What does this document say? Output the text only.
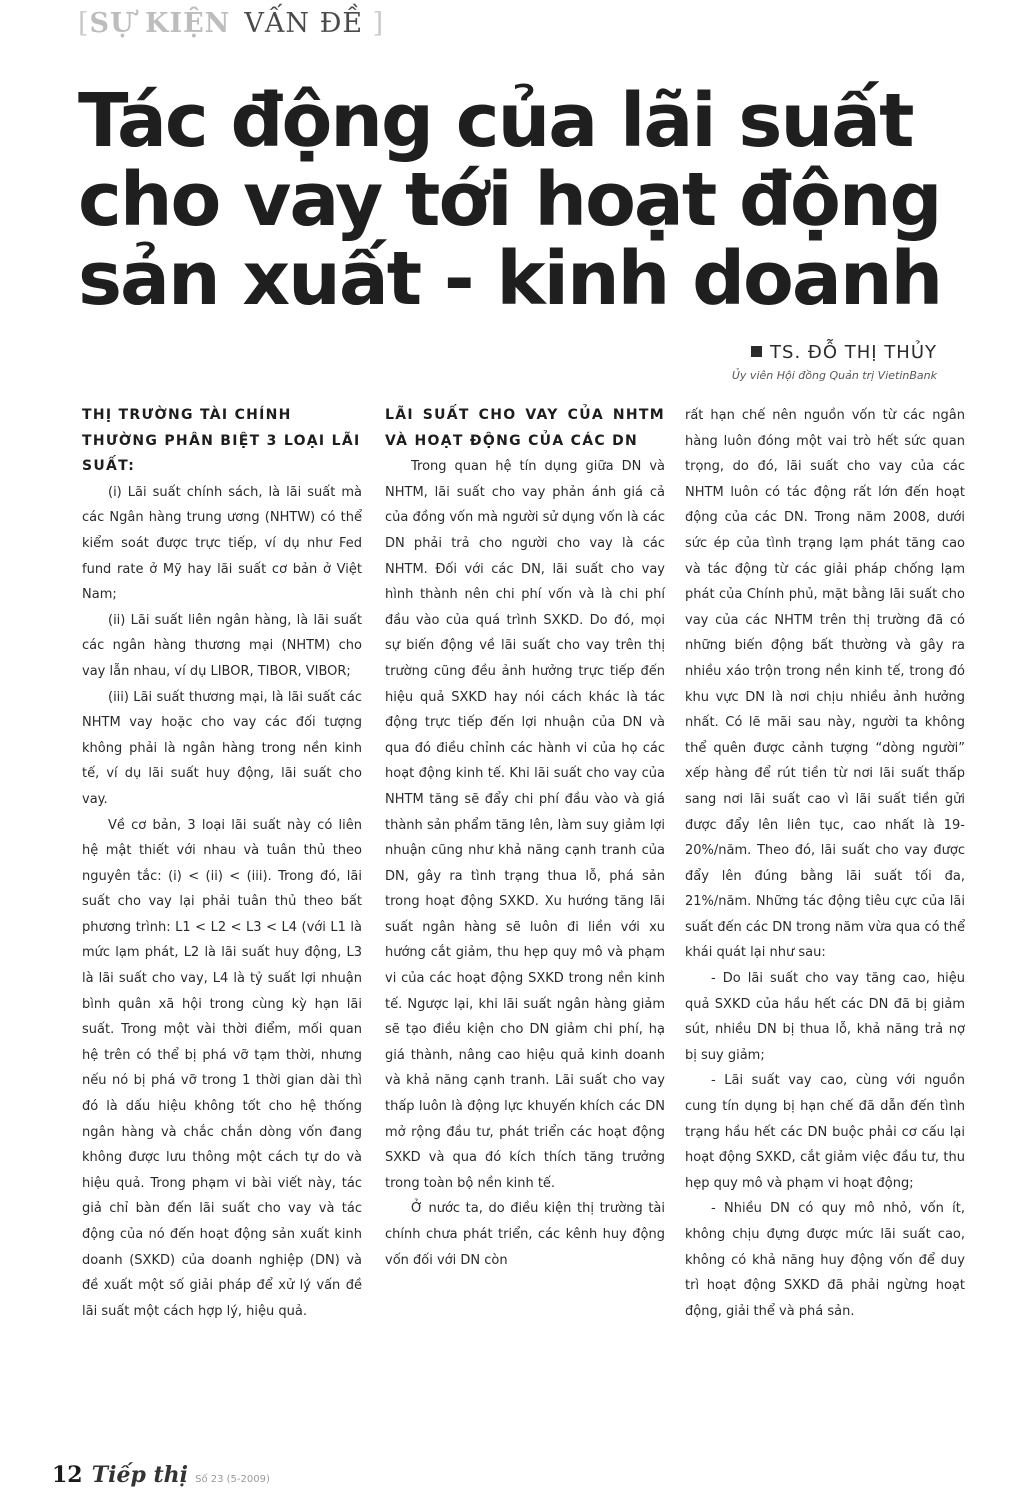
[SỰ KIỆN VẤN ĐỀ ]
Tác động của lãi suất
cho vay tới hoạt động
sản xuất - kinh doanh
TS. ĐỖ THỊ THỦY
Ủy viên Hội đồng Quản trị VietinBank
THỊ TRƯỜNG TÀI CHÍNH THƯỜNG PHÂN BIỆT 3 LOẠI LÃI SUẤT:

(i) Lãi suất chính sách, là lãi suất mà các Ngân hàng trung ương (NHTW) có thể kiểm soát được trực tiếp, ví dụ như Fed fund rate ở Mỹ hay lãi suất cơ bản ở Việt Nam;

(ii) Lãi suất liên ngân hàng, là lãi suất các ngân hàng thương mại (NHTM) cho vay lẫn nhau, ví dụ LIBOR, TIBOR, VIBOR;

(iii) Lãi suất thương mại, là lãi suất các NHTM vay hoặc cho vay các đối tượng không phải là ngân hàng trong nền kinh tế, ví dụ lãi suất huy động, lãi suất cho vay.

Về cơ bản, 3 loại lãi suất này có liên hệ mật thiết với nhau và tuân thủ theo nguyên tắc: (i) < (ii) < (iii). Trong đó, lãi suất cho vay lại phải tuân thủ theo bất phương trình: L1 < L2 < L3 < L4 (với L1 là mức lạm phát, L2 là lãi suất huy động, L3 là lãi suất cho vay, L4 là tỷ suất lợi nhuận bình quân xã hội trong cùng kỳ hạn lãi suất. Trong một vài thời điểm, mối quan hệ trên có thể bị phá vỡ tạm thời, nhưng nếu nó bị phá vỡ trong 1 thời gian dài thì đó là dấu hiệu không tốt cho hệ thống ngân hàng và chắc chắn dòng vốn đang không được lưu thông một cách tự do và hiệu quả. Trong phạm vi bài viết này, tác giả chỉ bàn đến lãi suất cho vay và tác động của nó đến hoạt động sản xuất kinh doanh (SXKD) của doanh nghiệp (DN) và đề xuất một số giải pháp để xử lý vấn đề lãi suất một cách hợp lý, hiệu quả.

LÃI SUẤT CHO VAY CỦA NHTM VÀ HOẠT ĐỘNG CỦA CÁC DN

Trong quan hệ tín dụng giữa DN và NHTM, lãi suất cho vay phản ánh giá cả của đồng vốn mà người sử dụng vốn là các DN phải trả cho người cho vay là các NHTM. Đối với các DN, lãi suất cho vay hình thành nên chi phí vốn và là chi phí đầu vào của quá trình SXKD. Do đó, mọi sự biến động về lãi suất cho vay trên thị trường cũng đều ảnh hưởng trực tiếp đến hiệu quả SXKD hay nói cách khác là tác động trực tiếp đến lợi nhuận của DN và qua đó điều chỉnh các hành vi của họ các hoạt động kinh tế. Khi lãi suất cho vay của NHTM tăng sẽ đẩy chi phí đầu vào và giá thành sản phẩm tăng lên, làm suy giảm lợi nhuận cũng như khả năng cạnh tranh của DN, gây ra tình trạng thua lỗ, phá sản trong hoạt động SXKD. Xu hướng tăng lãi suất ngân hàng sẽ luôn đi liền với xu hướng cắt giảm, thu hẹp quy mô và phạm vi của các hoạt động SXKD trong nền kinh tế. Ngược lại, khi lãi suất ngân hàng giảm sẽ tạo điều kiện cho DN giảm chi phí, hạ giá thành, nâng cao hiệu quả kinh doanh và khả năng cạnh tranh. Lãi suất cho vay thấp luôn là động lực khuyến khích các DN mở rộng đầu tư, phát triển các hoạt động SXKD và qua đó kích thích tăng trưởng trong toàn bộ nền kinh tế.

Ở nước ta, do điều kiện thị trường tài chính chưa phát triển, các kênh huy động vốn đối với DN còn

rất hạn chế nên nguồn vốn từ các ngân hàng luôn đóng một vai trò hết sức quan trọng, do đó, lãi suất cho vay của các NHTM luôn có tác động rất lớn đến hoạt động của các DN. Trong năm 2008, dưới sức ép của tình trạng lạm phát tăng cao và tác động từ các giải pháp chống lạm phát của Chính phủ, mặt bằng lãi suất cho vay của các NHTM trên thị trường đã có những biến động bất thường và gây ra nhiều xáo trộn trong nền kinh tế, trong đó khu vực DN là nơi chịu nhiều ảnh hưởng nhất. Có lẽ mãi sau này, người ta không thể quên được cảnh tượng “dòng người” xếp hàng để rút tiền từ nơi lãi suất thấp sang nơi lãi suất cao vì lãi suất tiền gửi được đẩy lên liên tục, cao nhất là 19-20%/năm. Theo đó, lãi suất cho vay được đẩy lên đúng bằng lãi suất tối đa, 21%/năm. Những tác động tiêu cực của lãi suất đến các DN trong năm vừa qua có thể khái quát lại như sau:

- Do lãi suất cho vay tăng cao, hiệu quả SXKD của hầu hết các DN đã bị giảm sút, nhiều DN bị thua lỗ, khả năng trả nợ bị suy giảm;

- Lãi suất vay cao, cùng với nguồn cung tín dụng bị hạn chế đã dẫn đến tình trạng hầu hết các DN buộc phải cơ cấu lại hoạt động SXKD, cắt giảm việc đầu tư, thu hẹp quy mô và phạm vi hoạt động;

- Nhiều DN có quy mô nhỏ, vốn ít, không chịu đựng được mức lãi suất cao, không có khả năng huy động vốn để duy trì hoạt động SXKD đã phải ngừng hoạt động, giải thể và phá sản.

12 Tiếp thị Số 23 (5-2009)
